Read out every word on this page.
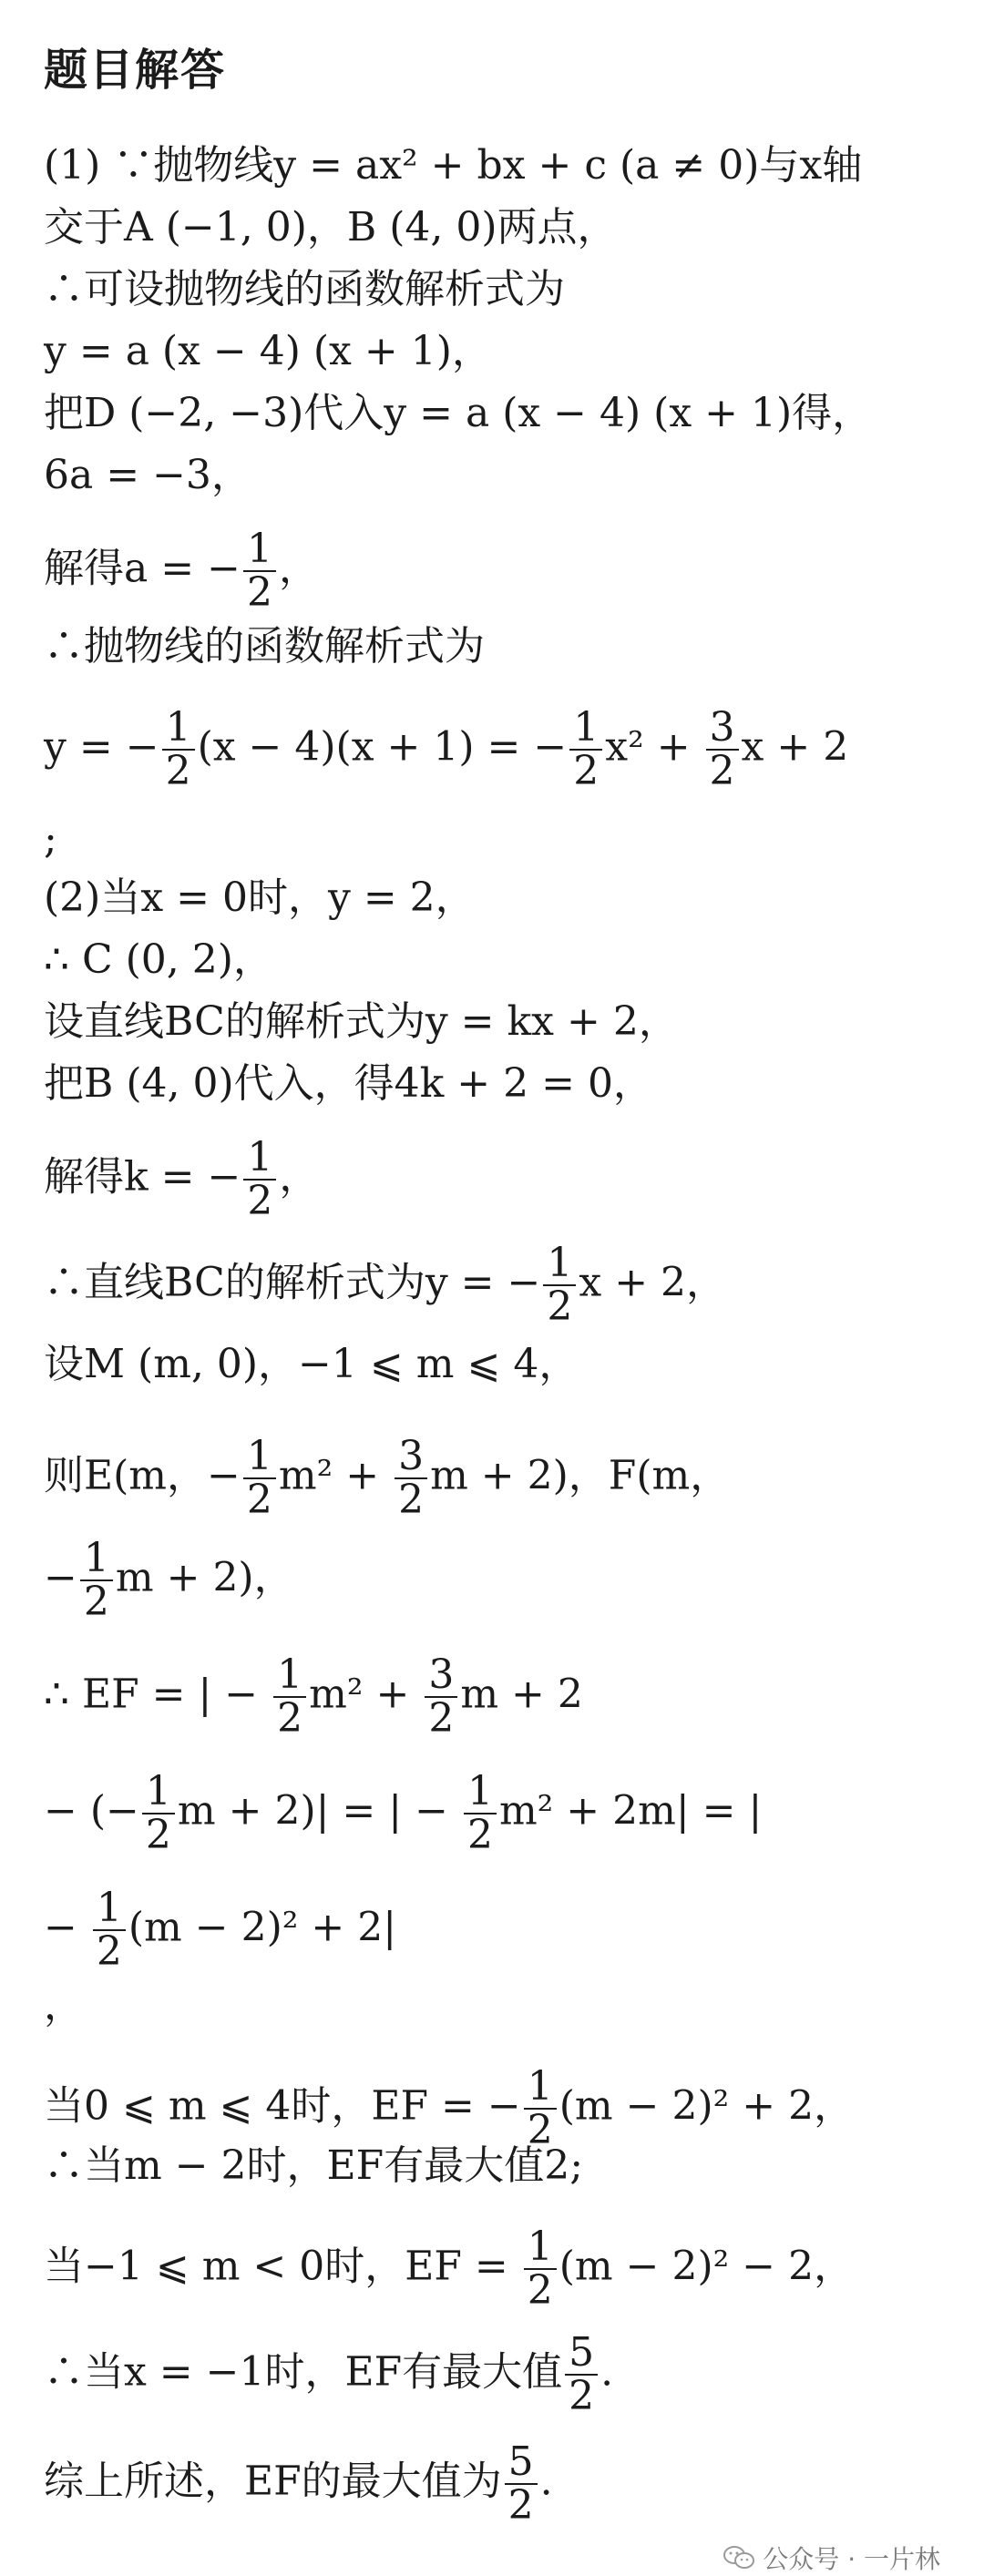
题目解答
(1) ∵抛物线y = ax² + bx + c (a ≠ 0)与x轴
交于A (−1, 0)，B (4, 0)两点，
∴可设抛物线的函数解析式为
y = a (x − 4) (x + 1)，
把D (−2, −3)代入y = a (x − 4) (x + 1)得，
6a = −3，
解得a = − $\frac{1}{2}$ ，
∴抛物线的函数解析式为
y = − $\frac{1}{2} (x - 4)(x + 1)$ = − $\frac{1}{2} x^2 + \frac{3}{2}$ x + 2
;
(2)当x = 0时，y = 2，
∴ C (0, 2)，
设直线BC的解析式为y = kx + 2，
把B (4, 0)代入，得4k + 2 = 0，
解得k = − $\frac{1}{2}$ ，
∴直线BC的解析式为y = − $\frac{1}{2}$ x + 2，
设M (m, 0)，−1 ⩽ m ⩽ 4，
则E(m，− $\frac{1}{2} m^2 + \frac{3}{2}$ m + 2)，F(m，
− $\frac{1}{2}$ m + 2)，
∴ EF = | − $\frac{1}{2} m^2 + \frac{3}{2}$ m + 2
− (− $\frac{1}{2}$ m + 2)| = | − $\frac{1}{2} m^2 + 2m|$ = |
− $\frac{1}{2} (m - 2)^2 + 2|$
，
当0 ⩽ m ⩽ 4时，EF = − $\frac{1}{2} (m - 2)^2 + 2$，
∴当m − 2时，EF有最大值2;
当−1 ⩽ m < 0时，EF = $\frac{1}{2} (m - 2)^2 - 2$，
∴当x = −1时，EF有最大值 $\frac{5}{2}$ .
综上所述，EF的最大值为 $\frac{5}{2}$ .
公众号 · 一片林
